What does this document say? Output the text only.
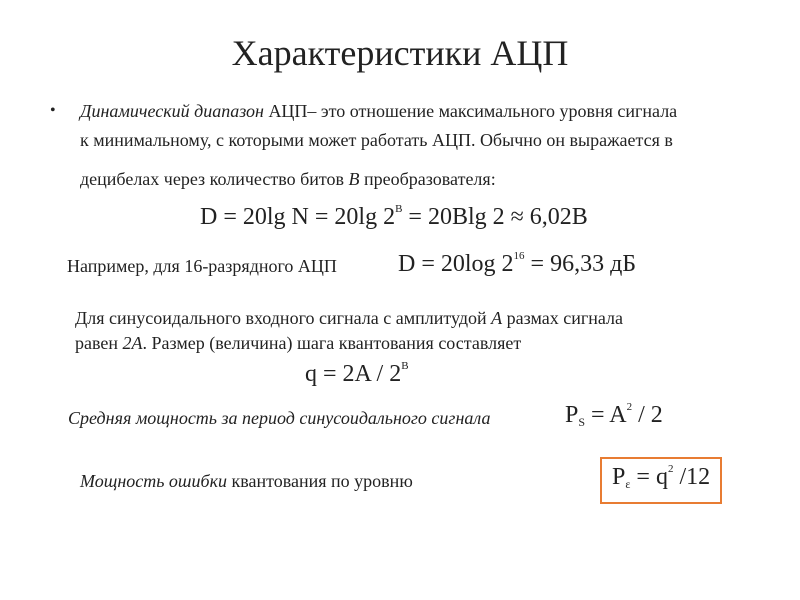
Характеристики АЦП
• Динамический диапазон АЦП– это отношение максимального уровня сигнала
к минимальному, с которыми может работать АЦП. Обычно он выражается в
децибелах через количество битов B преобразователя:
D = 20lg N = 20lg $2^B = 20Blg$ 2 ≈ 6,02B
Например, для 16-разрядного АЦП	D = 20log $2^{16} = 96,33$ дБ
Для синусоидального входного сигнала с амплитудой A размах сигнала
равен 2A. Размер (величина) шага квантования составляет
$q = 2A / 2^B$
Средняя мощность за период синусоидального сигнала	$P_S = A^2 / 2$
Мощность ошибки квантования по уровню	$P_\varepsilon = q^2$ /12
